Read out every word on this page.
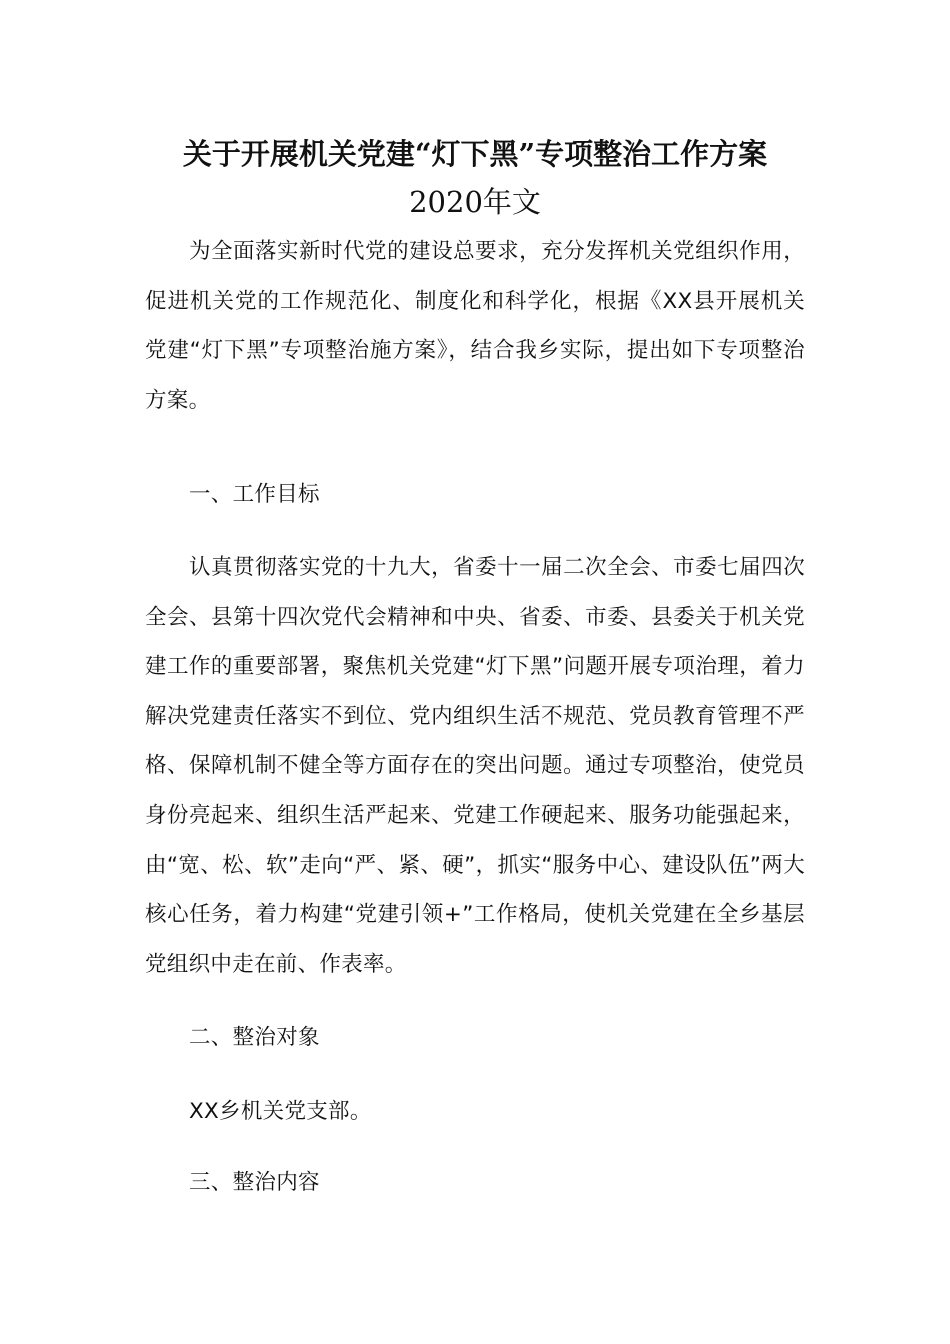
关于开展机关党建“灯下黑”专项整治工作方案
2020年文

为全面落实新时代党的建设总要求，充分发挥机关党组织作用，促进机关党的工作规范化、制度化和科学化，根据《XX县开展机关党建“灯下黑”专项整治施方案》，结合我乡实际，提出如下专项整治方案。

一、工作目标

认真贯彻落实党的十九大，省委十一届二次全会、市委七届四次全会、县第十四次党代会精神和中央、省委、市委、县委关于机关党建工作的重要部署，聚焦机关党建“灯下黑”问题开展专项治理，着力解决党建责任落实不到位、党内组织生活不规范、党员教育管理不严格、保障机制不健全等方面存在的突出问题。通过专项整治，使党员身份亮起来、组织生活严起来、党建工作硬起来、服务功能强起来，由“宽、松、软”走向“严、紧、硬”，抓实“服务中心、建设队伍”两大核心任务，着力构建“党建引领+”工作格局，使机关党建在全乡基层党组织中走在前、作表率。

二、整治对象

XX乡机关党支部。

三、整治内容
